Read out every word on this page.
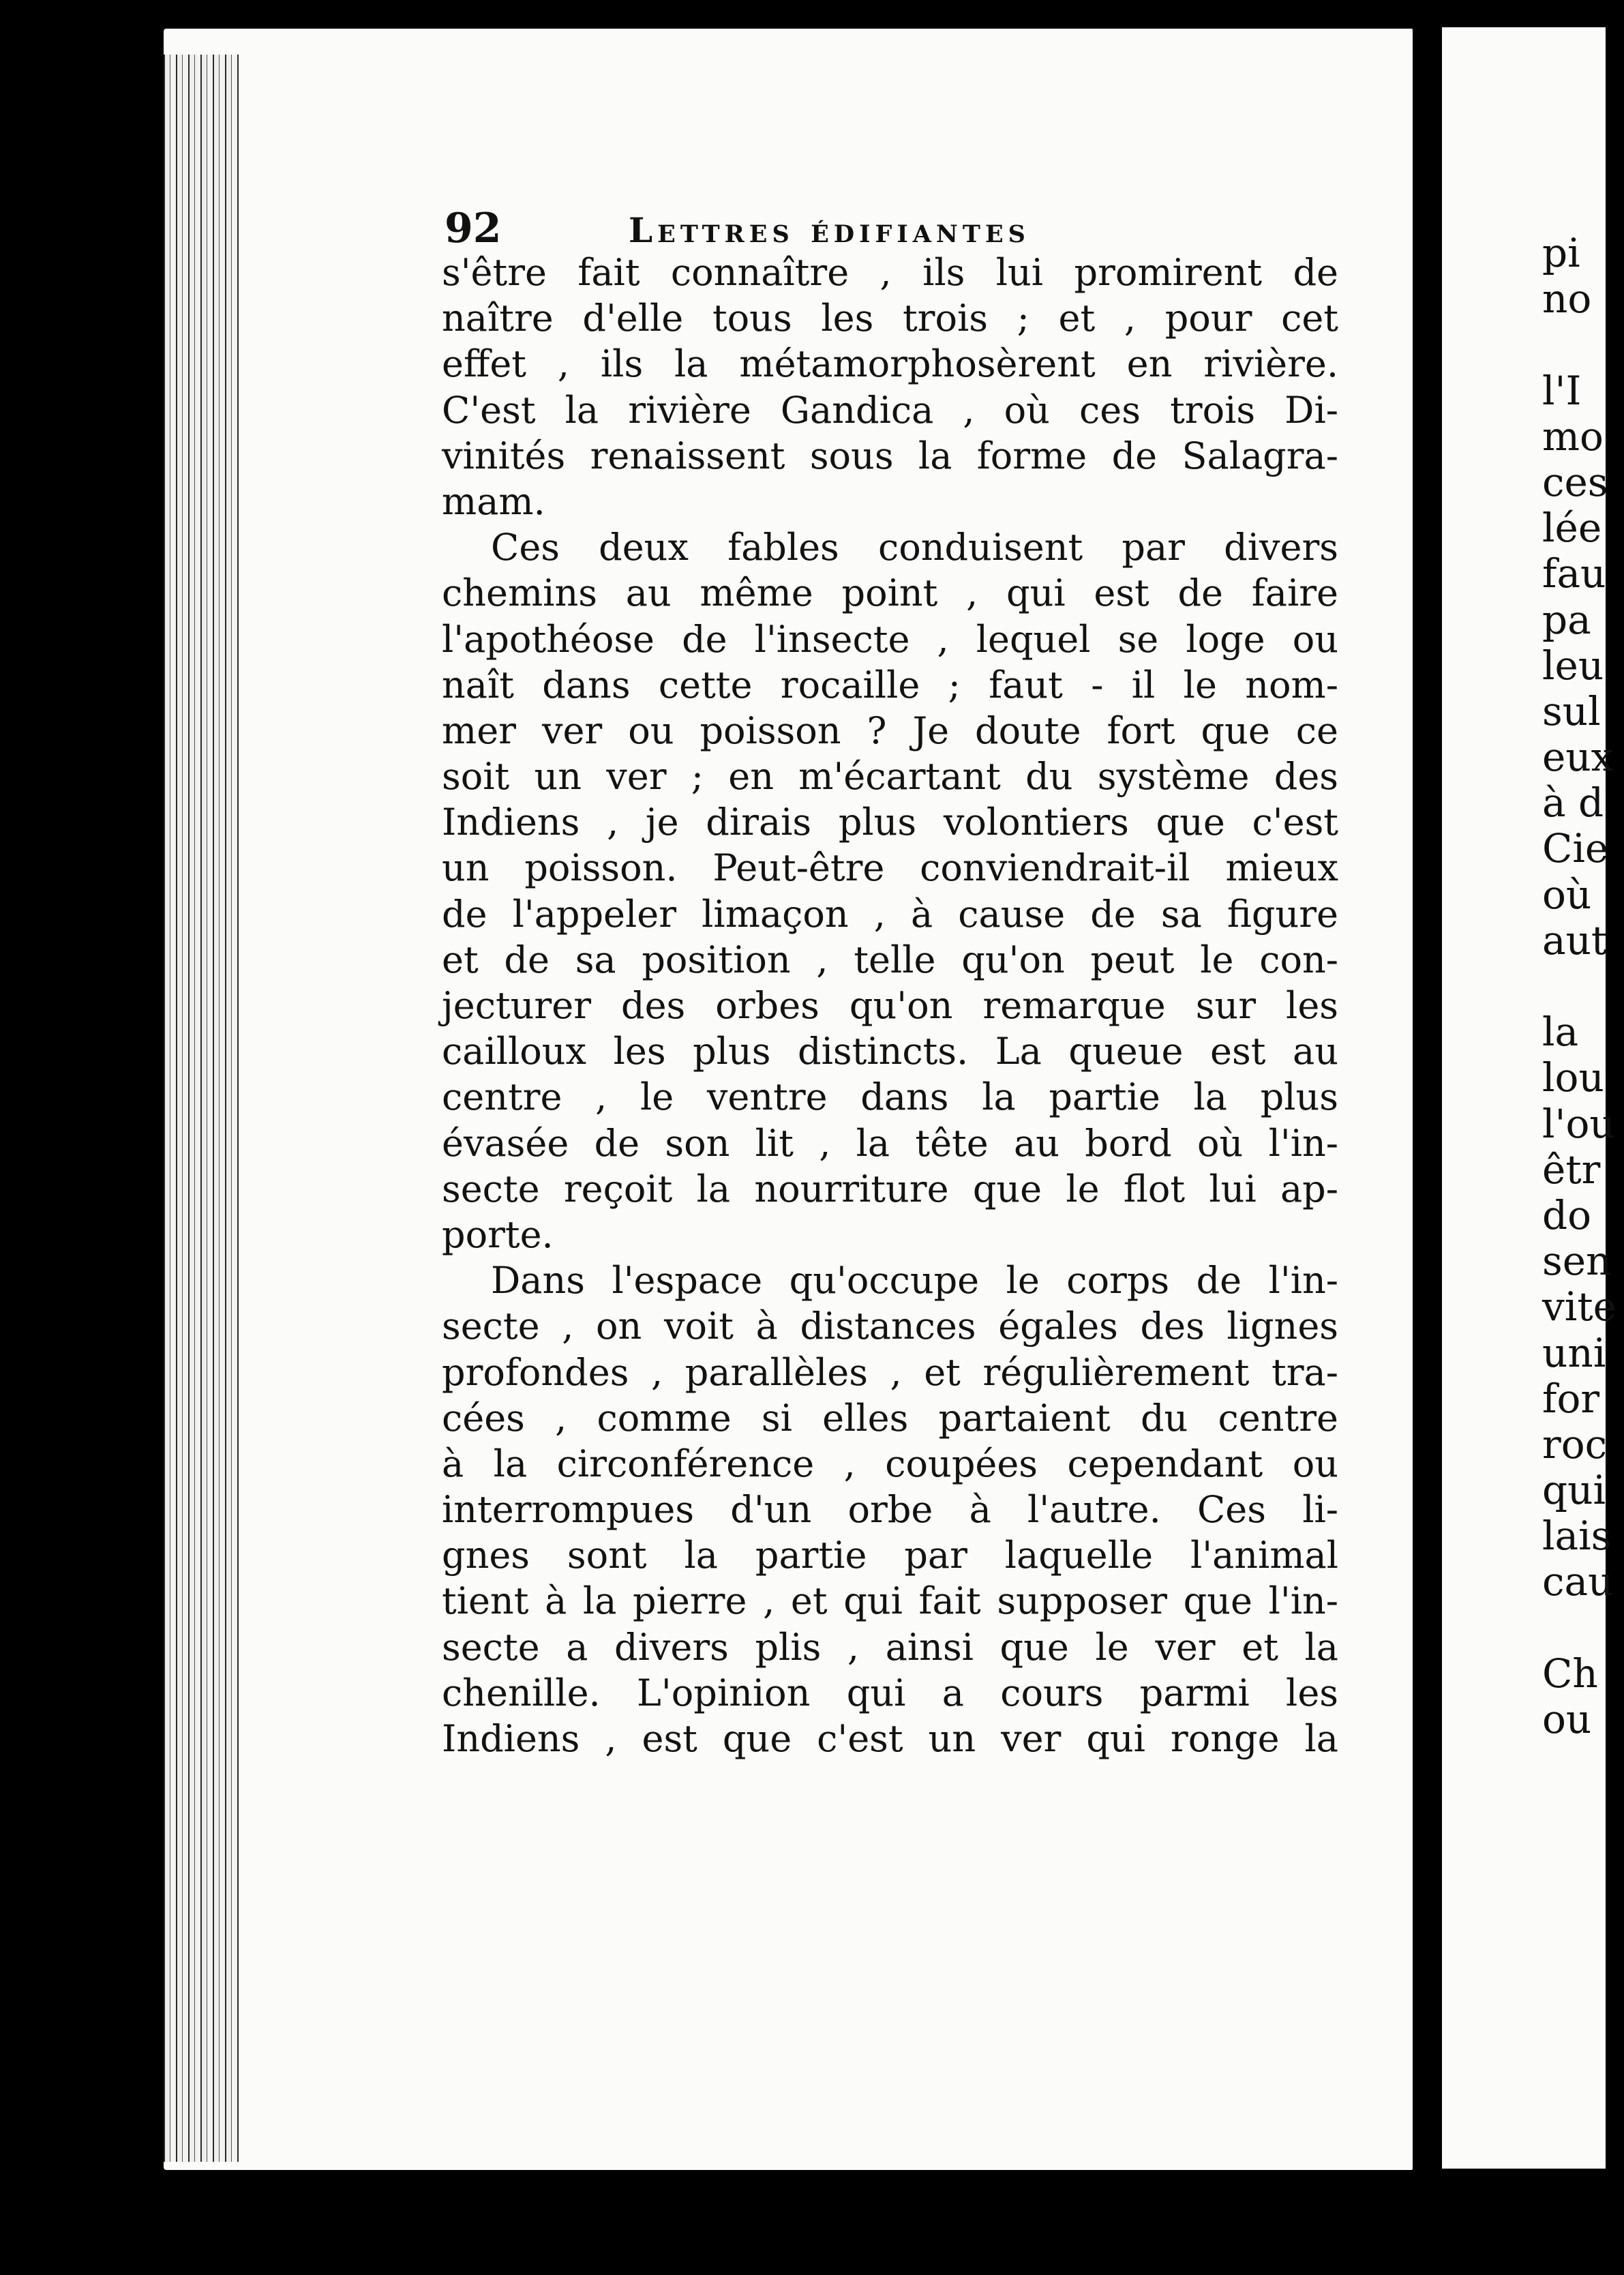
92	Lettres édifiantes
s'être fait connaître , ils lui promirent de
naître d'elle tous les trois ; et , pour cet
effet , ils la métamorphosèrent en rivière.
C'est la rivière Gandica , où ces trois Di-
vinités renaissent sous la forme de Salagra-
mam.
Ces deux fables conduisent par divers
chemins au même point , qui est de faire
l'apothéose de l'insecte , lequel se loge ou
naît dans cette rocaille ; faut - il le nom-
mer ver ou poisson ? Je doute fort que ce
soit un ver ; en m'écartant du système des
Indiens , je dirais plus volontiers que c'est
un poisson. Peut-être conviendrait-il mieux
de l'appeler limaçon , à cause de sa figure
et de sa position , telle qu'on peut le con-
jecturer des orbes qu'on remarque sur les
cailloux les plus distincts. La queue est au
centre , le ventre dans la partie la plus
évasée de son lit , la tête au bord où l'in-
secte reçoit la nourriture que le flot lui ap-
porte.
Dans l'espace qu'occupe le corps de l'in-
secte , on voit à distances égales des lignes
profondes , parallèles , et régulièrement tra-
cées , comme si elles partaient du centre
à la circonférence , coupées cependant ou
interrompues d'un orbe à l'autre. Ces li-
gnes sont la partie par laquelle l'animal
tient à la pierre , et qui fait supposer que l'in-
secte a divers plis , ainsi que le ver et la
chenille. L'opinion qui a cours parmi les
Indiens , est que c'est un ver qui ronge la
pi
no
l'I
mo
ces
lée
fau
pa
leu
sul
eux
à d
Cie
où
aut
la
lou
l'ou
êtr
do
sen
vite
uni
for
roc
qui
lais
cau
Ch
ou
